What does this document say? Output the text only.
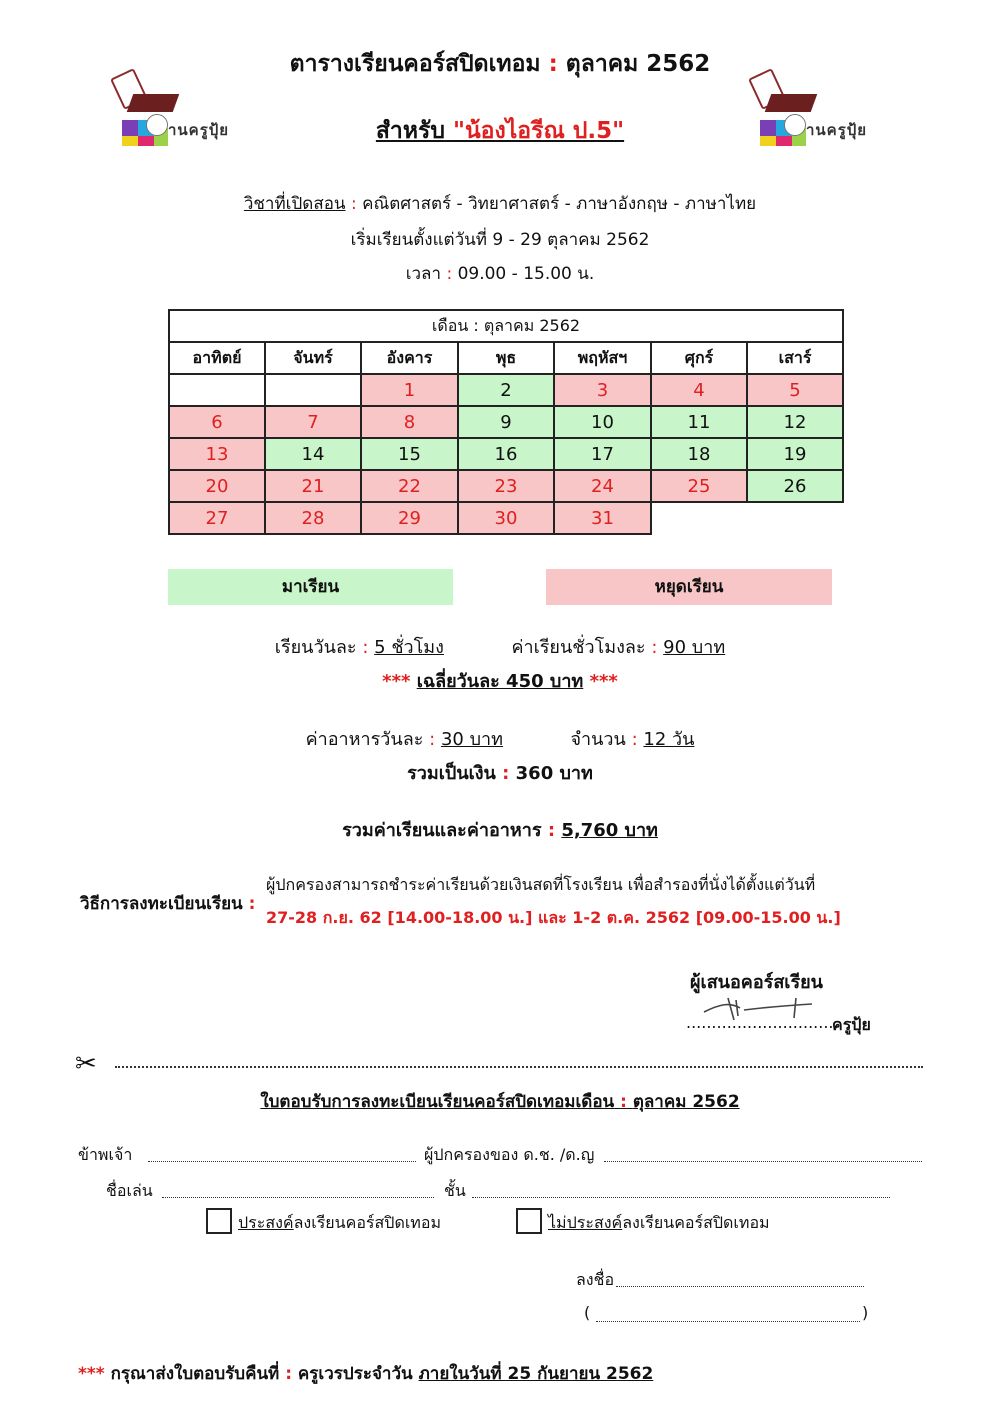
านครูปุ้ย	านครูปุ้ย
ตารางเรียนคอร์สปิดเทอม : ตุลาคม 2562
สำหรับ "น้องไอรีณ ป.5"
วิชาที่เปิดสอน : คณิตศาสตร์ - วิทยาศาสตร์ - ภาษาอังกฤษ - ภาษาไทย
เริ่มเรียนตั้งแต่วันที่ 9 - 29 ตุลาคม 2562
เวลา : 09.00 - 15.00 น.
เดือน : ตุลาคม 2562						
อาทิตย์	จันทร์	อังคาร	พุธ	พฤหัสฯ	ศุกร์	เสาร์
		1	2	3	4	5
6	7	8	9	10	11	12
13	14	15	16	17	18	19
20	21	22	23	24	25	26
27	28	29	30	31		
มาเรียน	หยุดเรียน
เรียนวันละ : 5 ชั่วโมง	ค่าเรียนชั่วโมงละ : 90 บาท
*** เฉลี่ยวันละ 450 บาท ***
ค่าอาหารวันละ : 30 บาท	จำนวน : 12 วัน
รวมเป็นเงิน : 360 บาท
รวมค่าเรียนและค่าอาหาร : 5,760 บาท
วิธีการลงทะเบียนเรียน :
ผู้ปกครองสามารถชำระค่าเรียนด้วยเงินสดที่โรงเรียน เพื่อสำรองที่นั่งได้ตั้งแต่วันที่
27-28 ก.ย. 62 [14.00-18.00 น.] และ 1-2 ต.ค. 2562 [09.00-15.00 น.]
ผู้เสนอคอร์สเรียน
..............................
ครูปุ้ย
✂
ใบตอบรับการลงทะเบียนเรียนคอร์สปิดเทอมเดือน : ตุลาคม 2562
ข้าพเจ้า	ผู้ปกครองของ ด.ช. /ด.ญ
ชื่อเล่น	ชั้น
ประสงค์ลงเรียนคอร์สปิดเทอม	ไม่ประสงค์ลงเรียนคอร์สปิดเทอม
ลงชื่อ
(	)
*** กรุณาส่งใบตอบรับคืนที่ : ครูเวรประจำวัน ภายในวันที่ 25 กันยายน 2562
